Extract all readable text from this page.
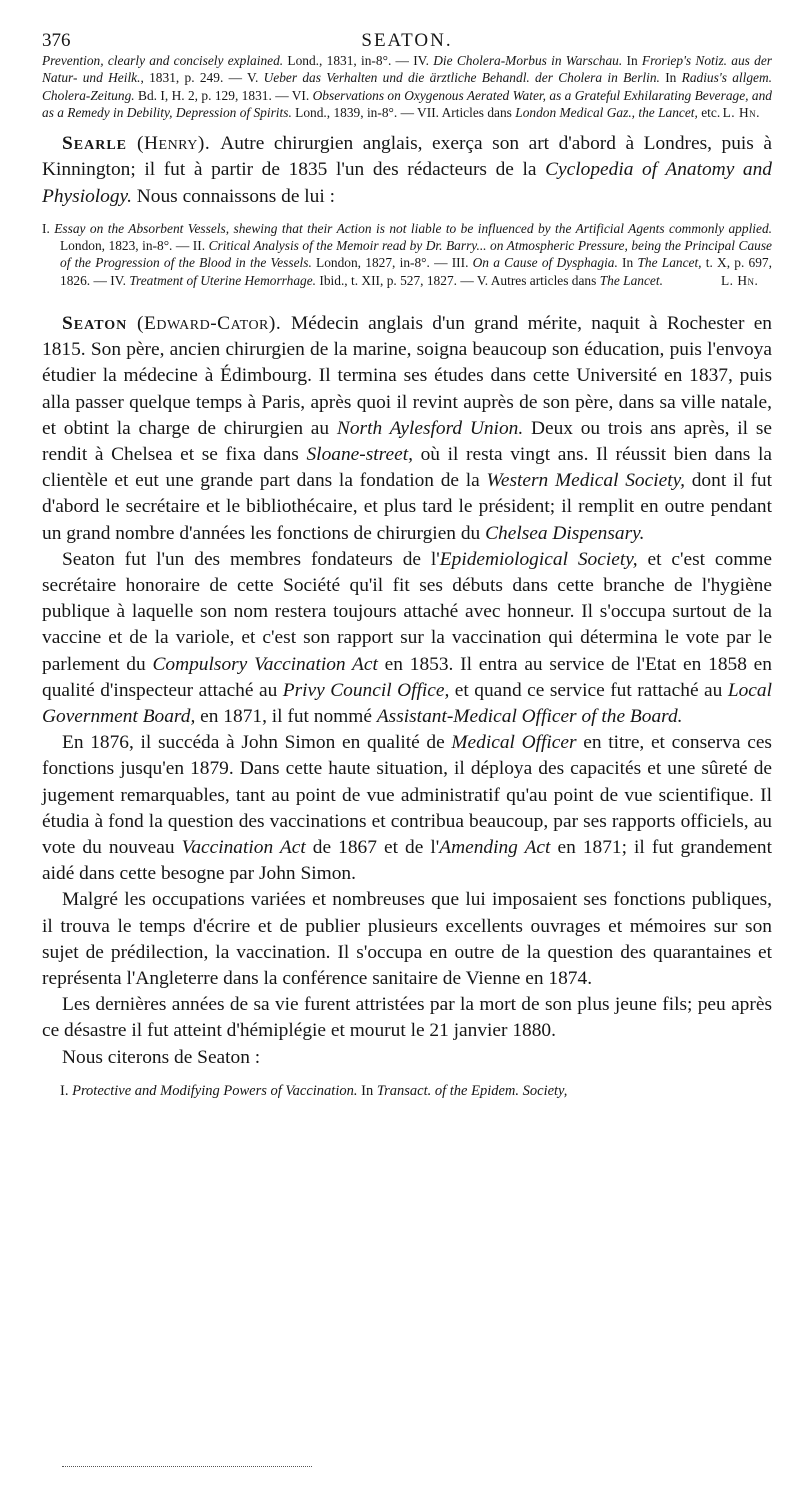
376	SEATON.

Prevention, clearly and concisely explained. Lond., 1831, in-8°. — IV. Die Cholera-Morbus in Warschau. In Froriep's Notiz. aus der Natur- und Heilk., 1831, p. 249. — V. Ueber das Verhalten und die ärztliche Behandl. der Cholera in Berlin. In Radius's allgem. Cholera-Zeitung. Bd. I, H. 2, p. 129, 1831. — VI. Observations on Oxygenous Aerated Water, as a Grateful Exhilarating Beverage, and as a Remedy in Debility, Depression of Spirits. Lond., 1839, in-8°. — VII. Articles dans London Medical Gaz., the Lancet, etc. L. Hn.

Searle (Henry). Autre chirurgien anglais, exerça son art d'abord à Londres, puis à Kinnington; il fut à partir de 1835 l'un des rédacteurs de la Cyclopedia of Anatomy and Physiology. Nous connaissons de lui :

I. Essay on the Absorbent Vessels, shewing that their Action is not liable to be influenced by the Artificial Agents commonly applied. London, 1823, in-8°. — II. Critical Analysis of the Memoir read by Dr. Barry... on Atmospheric Pressure, being the Principal Cause of the Progression of the Blood in the Vessels. London, 1827, in-8°. — III. On a Cause of Dysphagia. In The Lancet, t. X, p. 697, 1826. — IV. Treatment of Uterine Hemorrhage. Ibid., t. XII, p. 527, 1827. — V. Autres articles dans The Lancet.	L. Hn.

Seaton (Edward-Cator). Médecin anglais d'un grand mérite, naquit à Rochester en 1815. Son père, ancien chirurgien de la marine, soigna beaucoup son éducation, puis l'envoya étudier la médecine à Édimbourg. Il termina ses études dans cette Université en 1837, puis alla passer quelque temps à Paris, après quoi il revint auprès de son père, dans sa ville natale, et obtint la charge de chirurgien au North Aylesford Union. Deux ou trois ans après, il se rendit à Chelsea et se fixa dans Sloane-street, où il resta vingt ans. Il réussit bien dans la clientèle et eut une grande part dans la fondation de la Western Medical Society, dont il fut d'abord le secrétaire et le bibliothécaire, et plus tard le président; il remplit en outre pendant un grand nombre d'années les fonctions de chirurgien du Chelsea Dispensary.

Seaton fut l'un des membres fondateurs de l'Epidemiological Society, et c'est comme secrétaire honoraire de cette Société qu'il fit ses débuts dans cette branche de l'hygiène publique à laquelle son nom restera toujours attaché avec honneur. Il s'occupa surtout de la vaccine et de la variole, et c'est son rapport sur la vaccination qui détermina le vote par le parlement du Compulsory Vaccination Act en 1853. Il entra au service de l'Etat en 1858 en qualité d'inspecteur attaché au Privy Council Office, et quand ce service fut rattaché au Local Government Board, en 1871, il fut nommé Assistant-Medical Officer of the Board.

En 1876, il succéda à John Simon en qualité de Medical Officer en titre, et conserva ces fonctions jusqu'en 1879. Dans cette haute situation, il déploya des capacités et une sûreté de jugement remarquables, tant au point de vue administratif qu'au point de vue scientifique. Il étudia à fond la question des vaccinations et contribua beaucoup, par ses rapports officiels, au vote du nouveau Vaccination Act de 1867 et de l'Amending Act en 1871; il fut grandement aidé dans cette besogne par John Simon.

Malgré les occupations variées et nombreuses que lui imposaient ses fonctions publiques, il trouva le temps d'écrire et de publier plusieurs excellents ouvrages et mémoires sur son sujet de prédilection, la vaccination. Il s'occupa en outre de la question des quarantaines et représenta l'Angleterre dans la conférence sanitaire de Vienne en 1874.

Les dernières années de sa vie furent attristées par la mort de son plus jeune fils; peu après ce désastre il fut atteint d'hémiplégie et mourut le 21 janvier 1880.

Nous citerons de Seaton :

I. Protective and Modifying Powers of Vaccination. In Transact. of the Epidem. Society,
